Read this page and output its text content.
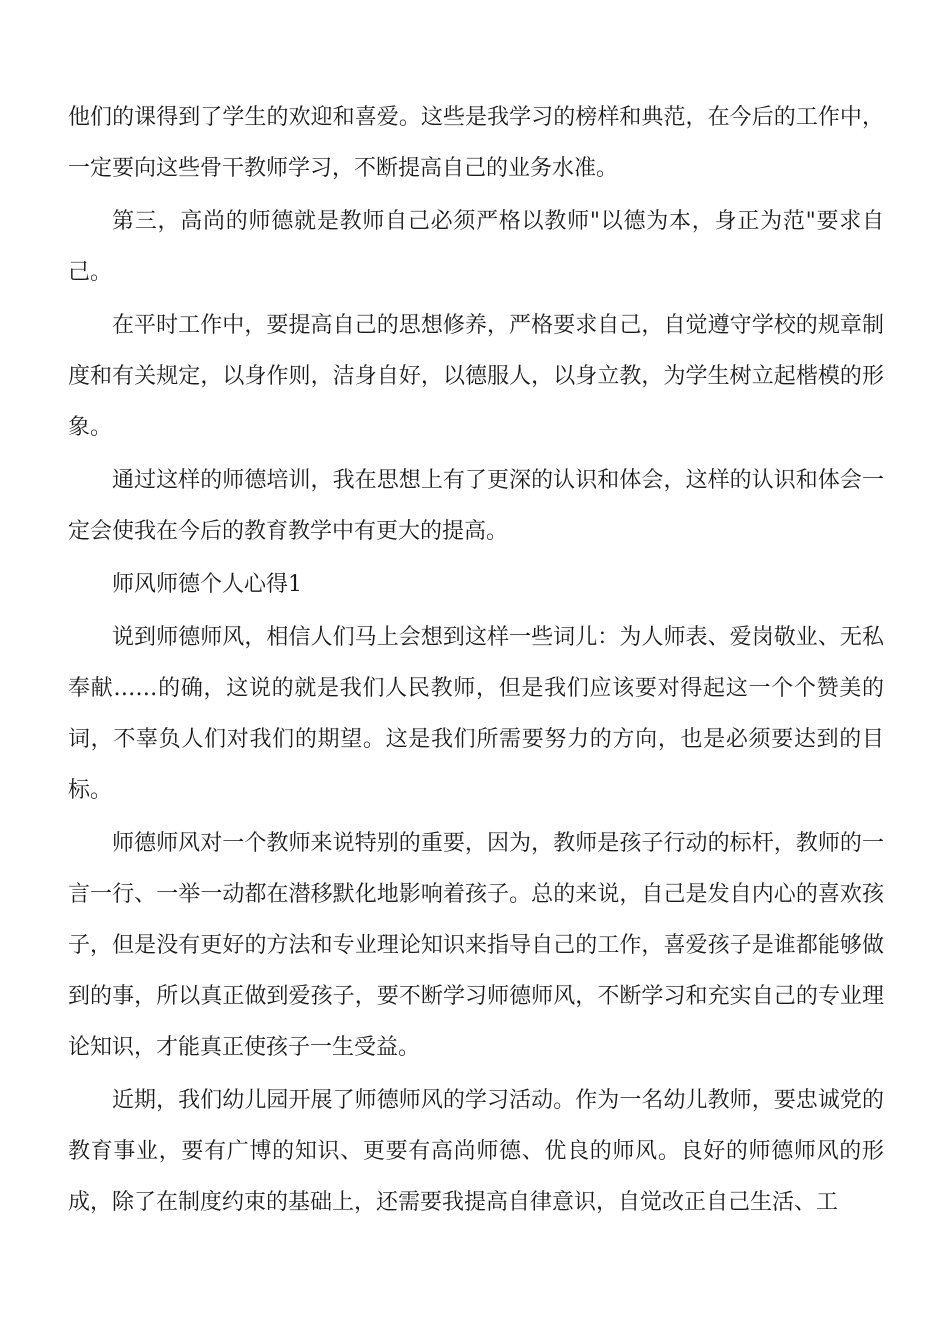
他们的课得到了学生的欢迎和喜爱。这些是我学习的榜样和典范，在今后的工作中，一定要向这些骨干教师学习，不断提高自己的业务水准。

第三，高尚的师德就是教师自己必须严格以教师"以德为本，身正为范"要求自己。

在平时工作中，要提高自己的思想修养，严格要求自己，自觉遵守学校的规章制度和有关规定，以身作则，洁身自好，以德服人，以身立教，为学生树立起楷模的形象。

通过这样的师德培训，我在思想上有了更深的认识和体会，这样的认识和体会一定会使我在今后的教育教学中有更大的提高。

师风师德个人心得1

说到师德师风，相信人们马上会想到这样一些词儿：为人师表、爱岗敬业、无私奉献……的确，这说的就是我们人民教师，但是我们应该要对得起这一个个赞美的词，不辜负人们对我们的期望。这是我们所需要努力的方向，也是必须要达到的目标。

师德师风对一个教师来说特别的重要，因为，教师是孩子行动的标杆，教师的一言一行、一举一动都在潜移默化地影响着孩子。总的来说，自己是发自内心的喜欢孩子，但是没有更好的方法和专业理论知识来指导自己的工作，喜爱孩子是谁都能够做到的事，所以真正做到爱孩子，要不断学习师德师风，不断学习和充实自己的专业理论知识，才能真正使孩子一生受益。

近期，我们幼儿园开展了师德师风的学习活动。作为一名幼儿教师，要忠诚党的教育事业，要有广博的知识、更要有高尚师德、优良的师风。良好的师德师风的形成，除了在制度约束的基础上，还需要我提高自律意识，自觉改正自己生活、工
